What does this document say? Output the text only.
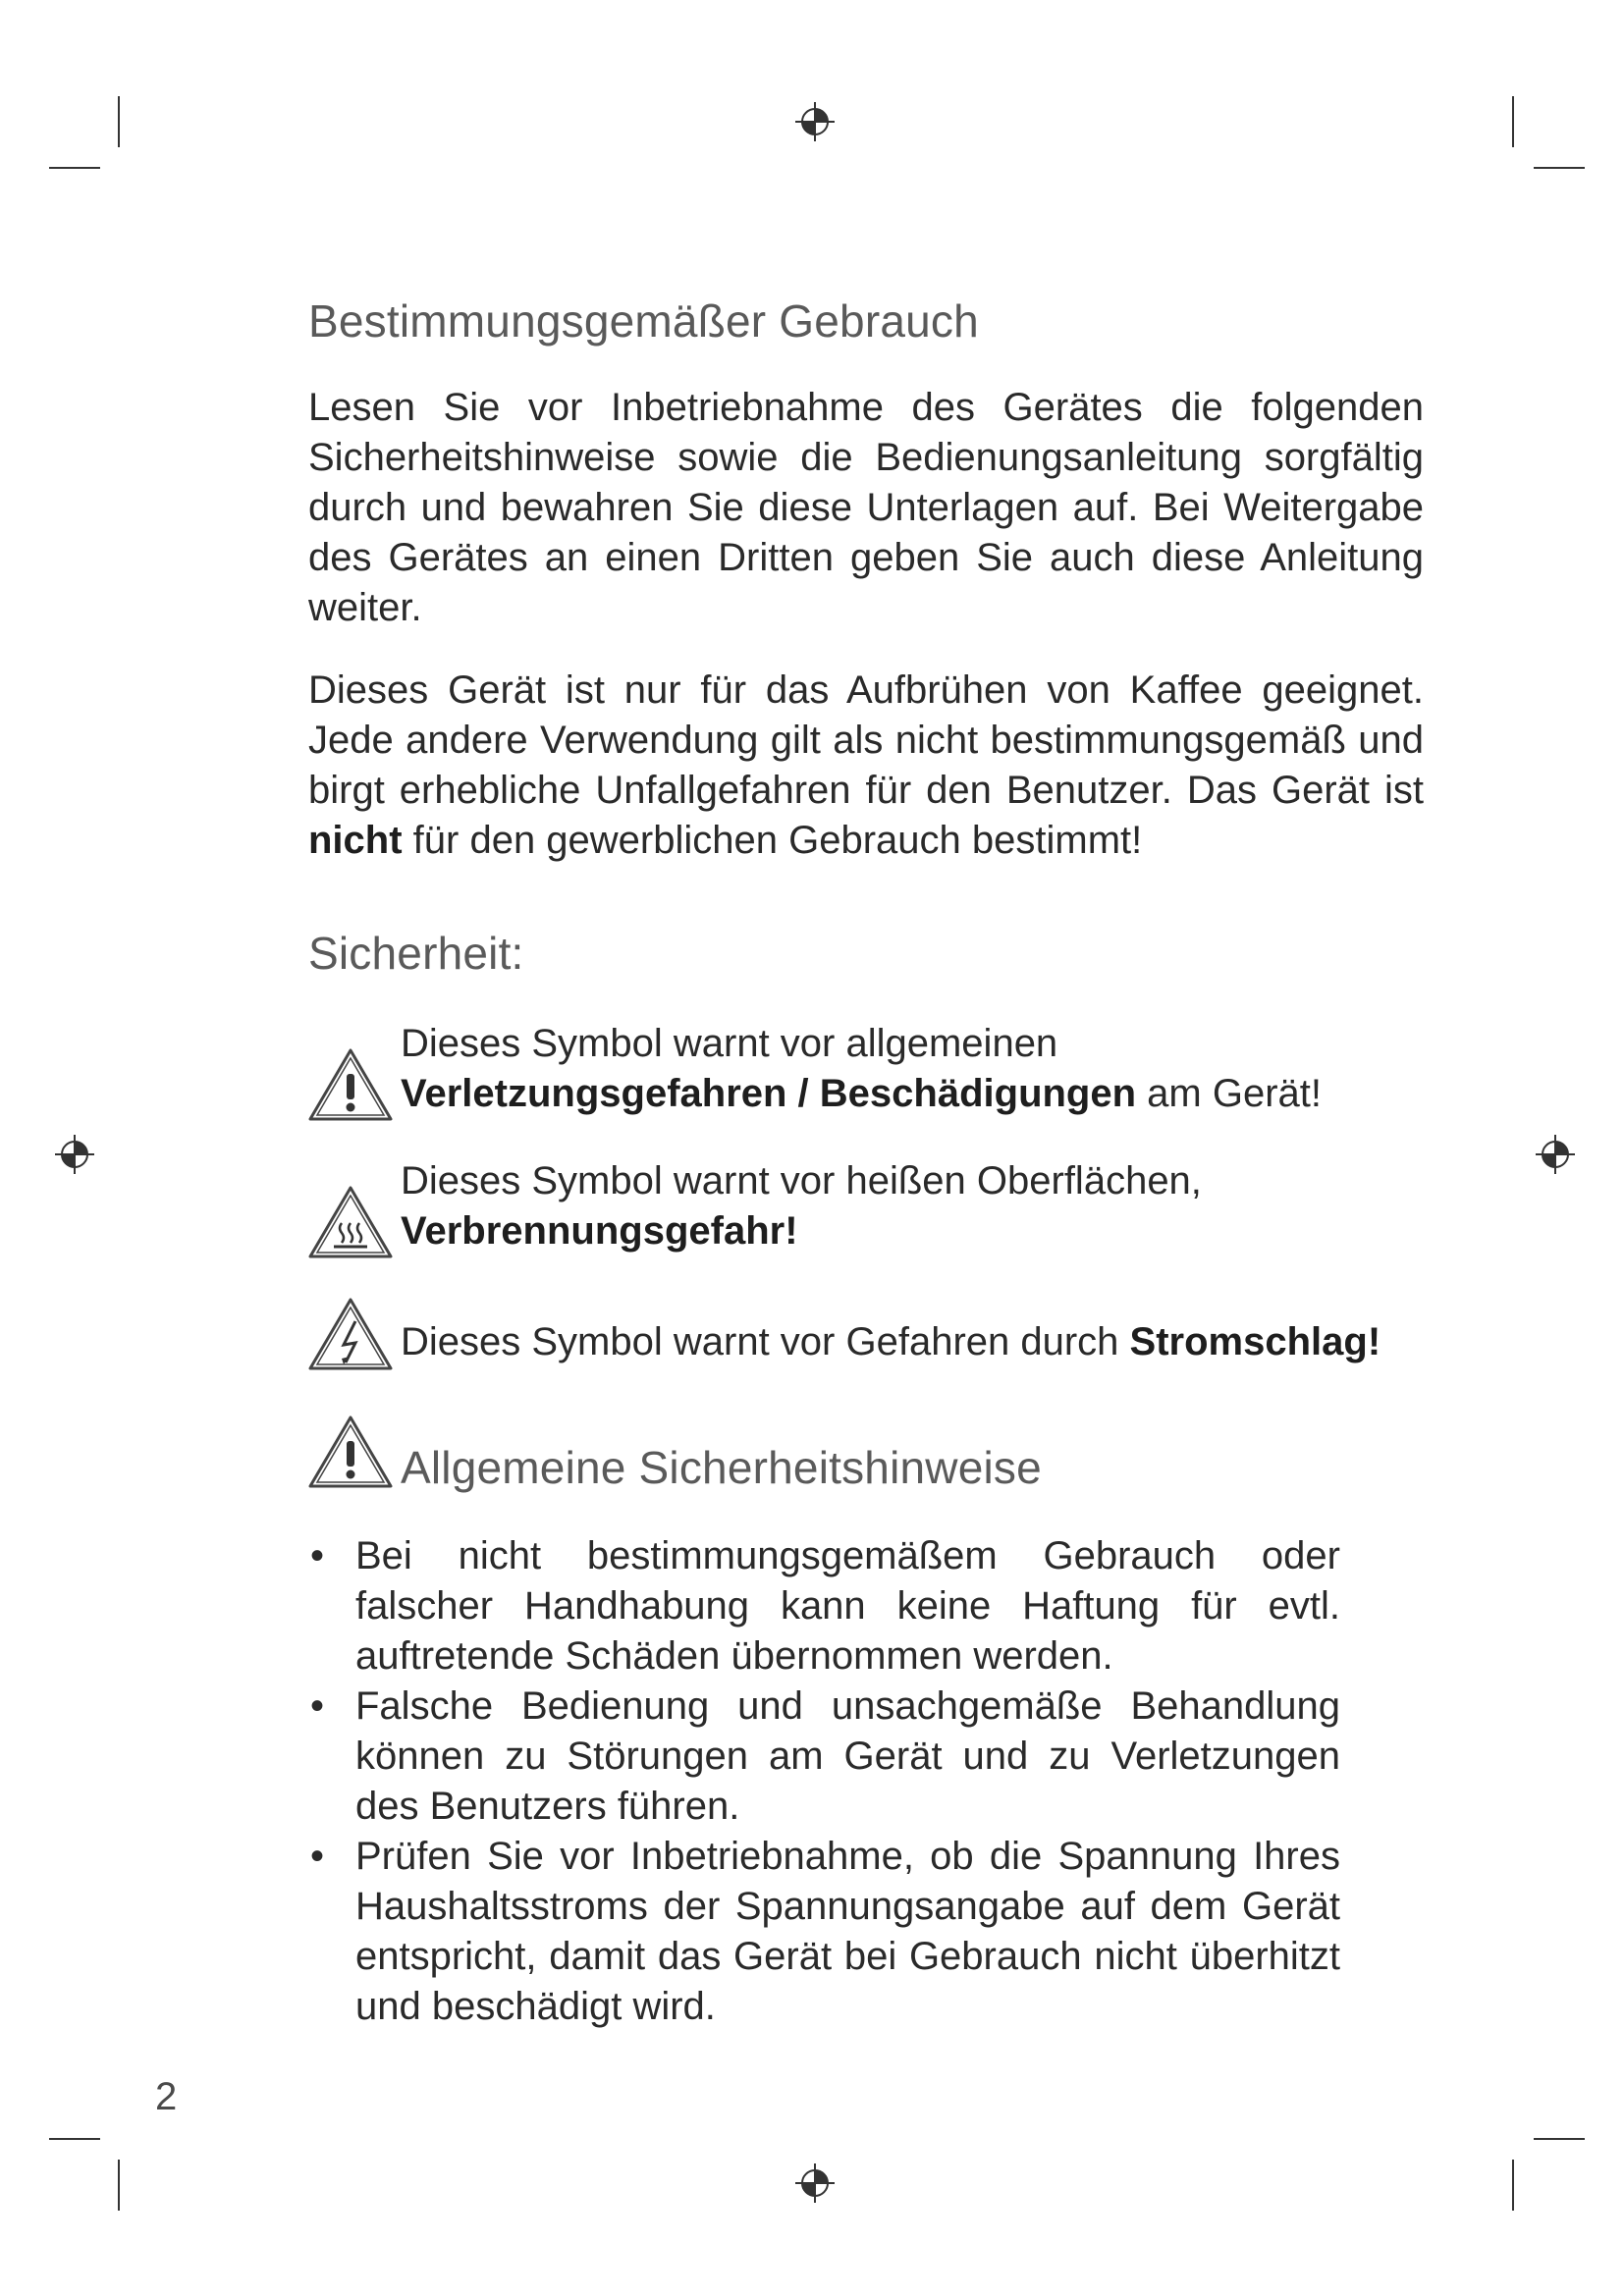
Bestimmungsgemäßer Gebrauch

Lesen Sie vor Inbetriebnahme des Gerätes die folgenden Sicherheitshinweise sowie die Bedienungsanleitung sorgfältig durch und bewahren Sie diese Unterlagen auf. Bei Weitergabe des Gerätes an einen Dritten geben Sie auch diese Anleitung weiter.

Dieses Gerät ist nur für das Aufbrühen von Kaffee geeignet. Jede andere Verwendung gilt als nicht bestimmungsgemäß und birgt erhebliche Unfallgefahren für den Benutzer. Das Gerät ist nicht für den gewerblichen Gebrauch bestimmt!

Sicherheit:
Dieses Symbol warnt vor allgemeinen
Verletzungsgefahren / Beschädigungen am Gerät!
Dieses Symbol warnt vor heißen Oberflächen,
Verbrennungsgefahr!
Dieses Symbol warnt vor Gefahren durch Stromschlag!
Allgemeine Sicherheitshinweise
• Bei nicht bestimmungsgemäßem Gebrauch oder falscher Handhabung kann keine Haftung für evtl. auftretende Schäden übernommen werden.
• Falsche Bedienung und unsachgemäße Behandlung können zu Störungen am Gerät und zu Verletzungen des Benutzers führen.
• Prüfen Sie vor Inbetriebnahme, ob die Spannung Ihres Haushaltsstroms der Spannungsangabe auf dem Gerät entspricht, damit das Gerät bei Gebrauch nicht überhitzt und beschädigt wird.
2
